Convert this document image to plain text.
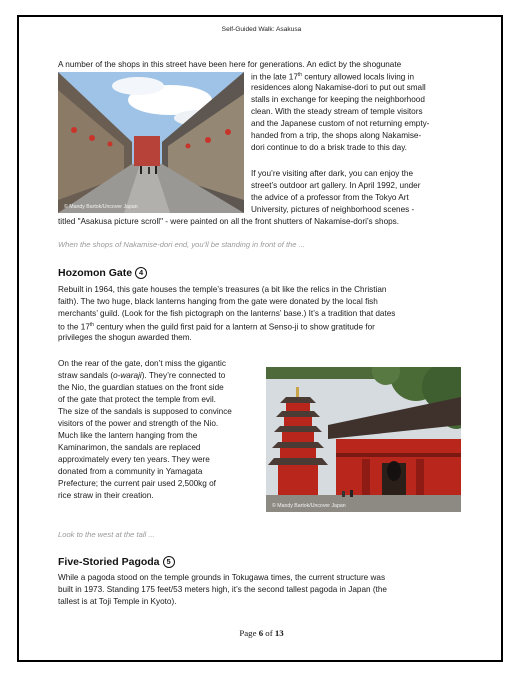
Self-Guided Walk: Asakusa

A number of the shops in this street have been here for generations. An edict by the shogunate

in the late 17th century allowed locals living in

residences along Nakamise-dori to put out small

stalls in exchange for keeping the neighborhood

clean. With the steady stream of temple visitors

and the Japanese custom of not returning empty-

handed from a trip, the shops along Nakamise-

dori continue to do a brisk trade to this day.

If you’re visiting after dark, you can enjoy the

street’s outdoor art gallery. In April 1992, under

the advice of a professor from the Tokyo Art

University, pictures of neighborhood scenes -

titled "Asakusa picture scroll" - were painted on all the front shutters of Nakamise-dori’s shops.

© Mandy Bartok/Uncover Japan

When the shops of Nakamise-dori end, you’ll be standing in front of the ...

Hozomon Gate 4

Rebuilt in 1964, this gate houses the temple’s treasures (a bit like the relics in the Christian

faith). The two huge, black lanterns hanging from the gate were donated by the local fish

merchants’ guild. (Look for the fish pictograph on the lanterns’ base.) It’s a tradition that dates

to the 17th century when the guild first paid for a lantern at Senso-ji to show gratitude for

privileges the shogun awarded them.

On the rear of the gate, don’t miss the gigantic

straw sandals (o-waraji). They’re connected to

the Nio, the guardian statues on the front side

of the gate that protect the temple from evil.

The size of the sandals is supposed to convince

visitors of the power and strength of the Nio.

Much like the lantern hanging from the

Kaminarimon, the sandals are replaced

approximately every ten years. They were

donated from a community in Yamagata

Prefecture; the current pair used 2,500kg of

rice straw in their creation.

© Mandy Bartok/Uncover Japan

Look to the west at the tall ...

Five-Storied Pagoda 5

While a pagoda stood on the temple grounds in Tokugawa times, the current structure was

built in 1973. Standing 175 feet/53 meters high, it’s the second tallest pagoda in Japan (the

tallest is at Toji Temple in Kyoto).

Page 6 of 13
